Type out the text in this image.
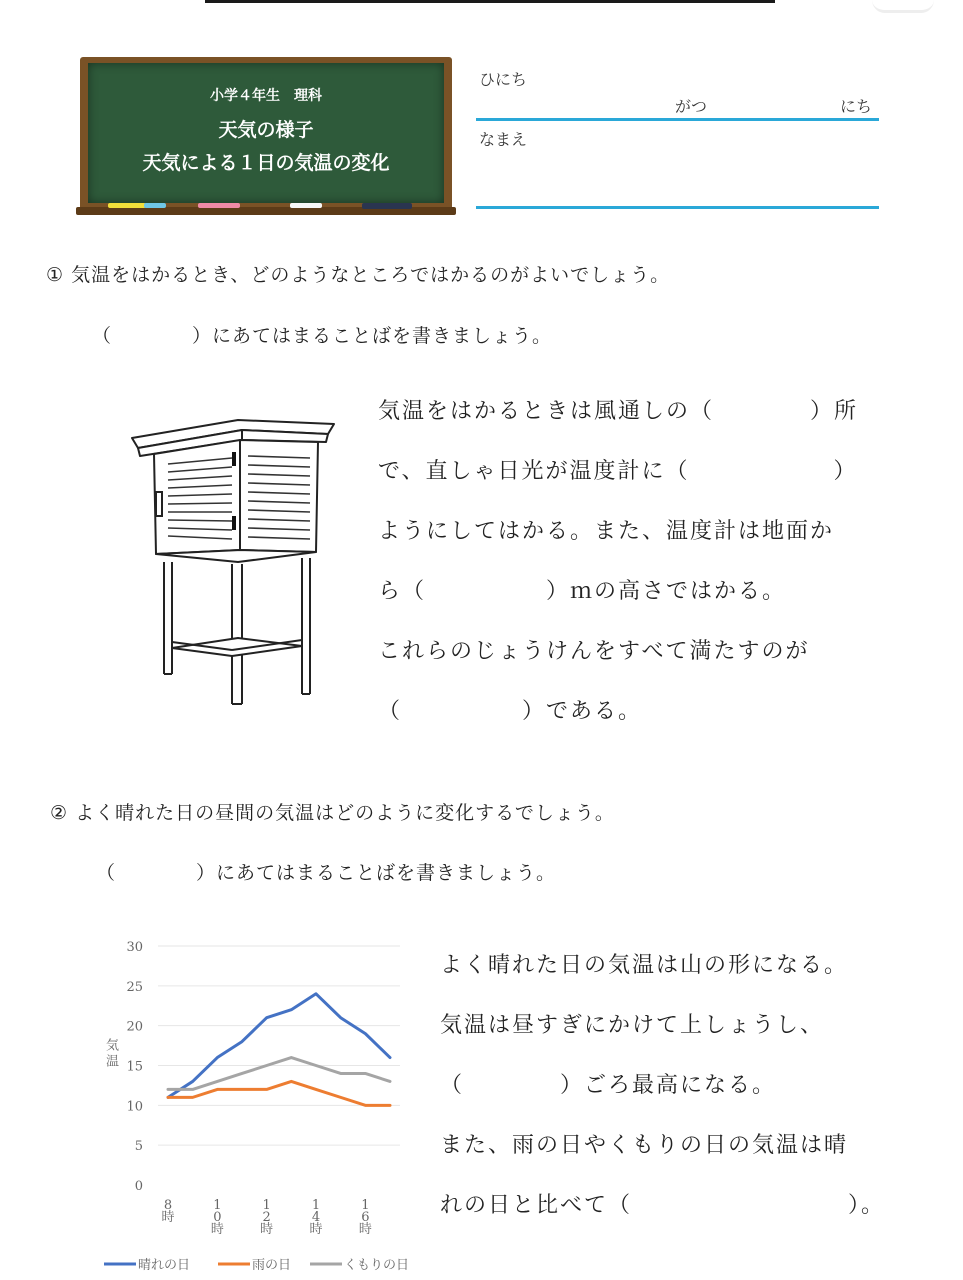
小学４年生　理科
天気の様子
天気による１日の気温の変化
ひにち
がつ	にち
なまえ
① 気温をはかるとき、どのようなところではかるのがよいでしょう。
（　　　　）にあてはまることばを書きましょう。
気温をはかるときは風通しの（　　　　）所
で、直しゃ日光が温度計に（　　　　　　）
ようにしてはかる。また、温度計は地面か
ら（　　　　　）ｍの高さではかる。
これらのじょうけんをすべて満たすのが
（　　　　　）である。
② よく晴れた日の昼間の気温はどのように変化するでしょう。
（　　　　）にあてはまることばを書きましょう。
0
5
10
15
20
25
30
気温
8 時
1 0 時
1 2 時
1 4 時
1 6 時
晴れの日	雨の日	くもりの日
よく晴れた日の気温は山の形になる。
気温は昼すぎにかけて上しょうし、
（　　　　）ごろ最高になる。
また、雨の日やくもりの日の気温は晴
れの日と比べて（　　　　　　　　　）。
